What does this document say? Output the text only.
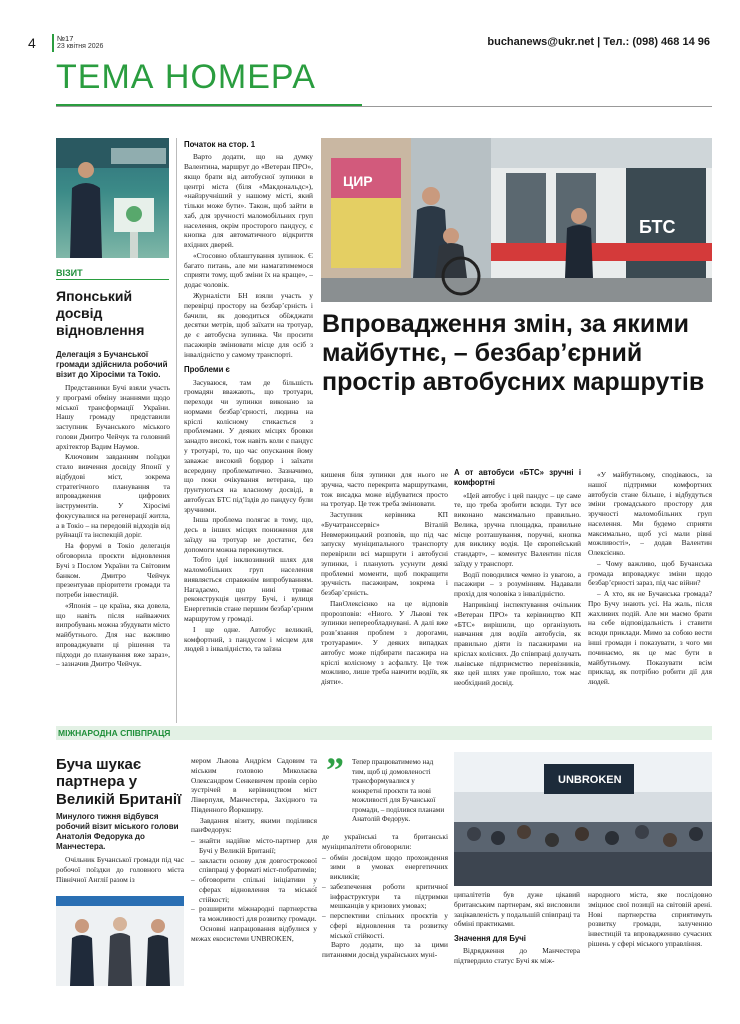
4	№17
23 квітня 2026	buchanews@ukr.net | Тел.: (098) 468 14 96
ТЕМА НОМЕРА
ВІЗИТ
Японський досвід відновлення
Делегація з Бучанської громади здійснила робочий візит до Хіросіми та Токіо.

Представники Бучі взяли участь у програмі обміну знаннями щодо міської трансформації України. Нашу громаду представили заступник Бучанського міського голови Дмитро Чейчук та головний архітектор Вадим Наумов.

Ключовим завданням поїздки стало вивчення досвіду Японії у відбудові міст, зокрема стратегічного планування та впровадження цифрових інструментів. У Хіросімі фокусувалися на регенерації житла, а в Токіо – на передовій відходів від руйнації та інспекцій доріг.

На форумі в Токіо делегація обговорила проєкти відновлення Бучі з Послом України та Світовим банком. Дмитро Чейчук презентував пріоритети громади та потреби інвестицій.

«Японія – це країна, яка довела, що навіть після найважчих випробувань можна збудувати місто майбутнього. Для нас важливо впроваджувати ці рішення та підходи до планування вже зараз», – зазначив Дмитро Чейчук.

Початок на стор. 1

Варто додати, що на думку Валентина, маршрут до «Ветеран ПРО», якщо брати від автобусної зупинки в центрі міста (біля «Макдональдс»), «найзручніший у нашому місті, який тільки може бути». Також, щоб зайти в хаб, для зручності маломобільних груп населення, окрім просторого пандусу, є кнопка для автоматичного відкриття вхідних дверей.

«Стосовно облаштування зупинок. Є багато питань, але ми намагатимемося сприяти тому, щоб зміни їх на краще», – додає чоловік.

Журналісти БН взяли участь у перевірці простору на безбар’єрність і бачили, як доводиться обїжджати десятки метрів, щоб заїхати на тротуар, де є автобусна зупинка. Чи просити пасажирів змінювати місце для осіб з інвалідністю у самому транспорті.

Проблеми є

Засуваюся, там де більшість громадян вважають, що тротуари, переходи чи зупинки виконано за нормами безбар’єрності, людина на кріслі колісному стикається з проблемами. У деяких місцях бровки занадто високі, тож навіть коли є пандус у тротуарі, то, що час опускання йому заважає високий бордюр і заїхати всередину проблематично. Зазначимо, що поки очікування ветерана, що ґрунтуються на власному досвіді, в автобусах БТС під’їздів до пандусу були зручними.

Інша проблема полягає в тому, що, десь в інших місцях пониження для заїзду на тротуар не достатнє, без допомоги можна перекинутися.

Тобто ідеї інклюзивний шлях для маломобільних груп населення виявляється справжнім випробуванням. Нагадаємо, що нині триває реконструкція центру Бучі, і вулиця Енергетиків стане першим безбар’єрним маршрутом у громаді.

І ще одне. Автобус великий, комфортний, з пандусом і місцем для людей з інвалідністю, та заїзна

ЦИР
БТС
Впровадження змін, за якими майбутнє, – безбар’єрний простір автобусних маршрутів

кишеня біля зупинки для нього не зручна, часто перекрита маршрутками, тож висадка може відбуватися просто на тротуар. Це теж треба змінювати.

Заступник керівника КП «Бучатранссервіс» Віталій Невмержицький розповів, що під час запуску муніципального транспорту перевірили всі маршрути і автобусні зупинки, і планують усунути деякі проблемні моменти, щоб покращити зручність пасажирам, зокрема і безбар’єрність.

ПанОлексієнко на це відповів пророзповів: «Ниого. У Львові тек зупинки непереобладнувані. А далі вже розв’язання проблем з дорогами, тротуарами». У деяких випадках автобус може підбирати пасажира на кріслі колісному з асфальту. Це теж можливо, лише треба навчити водіїв, як діяти».

А от автобуси «БТС» зручні і комфортні

«Цей автобус і цей пандус – це саме те, що треба зробити всюди. Тут все виконано максимально правильно. Велика, зручна площадка, правильне місце розташування, поручні, кнопка для виклику водія. Це європейський стандарт», – коментує Валентин після заїзду у транспорт.

Водії поводилися чемно із увагою, а пасажири – з розумінням. Надавали прохід для чоловіка з інвалідністю.

Наприкінці інспектування очільник «Ветеран ПРО» та керівництво КП «БТС» вирішили, що організують навчання для водіїв автобусів, як правильно діяти із пасажирами на кріслах колісних. До співпраці долучать львівське підприємство перевізників, яке цей шлях уже пройшло, тож має необхідний досвід.

«У майбутньому, сподіваюсь, за нашої підтримки комфортних автобусів стане більше, і відбудуться зміни громадського простору для зручності маломобільних груп населення. Ми будемо сприяти максимально, щоб усі мали рівні можливості», – додав Валентин Олексієнко.

– Чому важливо, щоб Бучанська громада впроваджує зміни щодо безбар’єрності зараз, під час війни?

– А хто, як не Бучанська громада? Про Бучу знають усі. На жаль, після жахливих подій. Але ми маємо брати на себе відповідальність і ставити всюди приклади. Мимо за собою вести інші громади і показувати, з чого ми починаємо, як це має бути в майбутньому. Показувати всім приклад, як потрібно робити дії для людей.

МІЖНАРОДНА СПІВПРАЦЯ
Буча шукає партнера у Великій Британії
Минулого тижня відбувся робочий візит міського голови Анатолія Федорука до Манчестера.

Очільник Бучанської громади під час робочої поїздки до головного міста Північної Англії разом із

мером Львова Андрієм Садовим та міським головою Миколаєва Олександром Сенкевичем провів серію зустрічей в керівництвом міст Ліверпуля, Манчестера, Західного та Південного Йоркширу.

Завдання візиту, якими поділився панФедорук:

– знайти надійне місто-партнер для Бучі у Великій Британії;
– закласти основу для довгострокової співпраці у форматі міст-побратимів;
– обговорити спільні ініціативи у сферах відновлення та місько́ї стійкості;
– розширити міжнародні партнерства та можливості для розвитку громади.

Основні напрацювання відбулися у межах екосистеми UNBROKEN,

” Тепер працюватимемо над тим, щоб ці домовленості трансформувалися у конкретні проєкти та нові можливості для Бучанської громади, – поділився планами Анатолій Федорук.

де українські та британські муніципалітети обговорили:

– обмін досвідом щодо прохождення зими в умовах енергетичних викликів;
– забезпечення роботи критичної інфраструктури та підтримки мешканців у кризових умовах;
– перспективи спільних проєктів у сфері відновлення та розвитку місько́ї стійкості.

Варто додати, що за цими питаннями досвід українських муні-

UNBROKEN

ципалітетів був дуже цікавий британським партнерам, які висловили зацікавленість у подальшій співпраці та обміні практиками.

Значення для Бучі

Відрядження до Манчестера підтвердило статус Бучі як між-

народного міста, яке послідовно зміцнює свої позиції на світовій арені. Нові партнерства сприятимуть розвитку громади, залученню інвестицій та впровадженню сучасних рішень у сфері міського управління.
